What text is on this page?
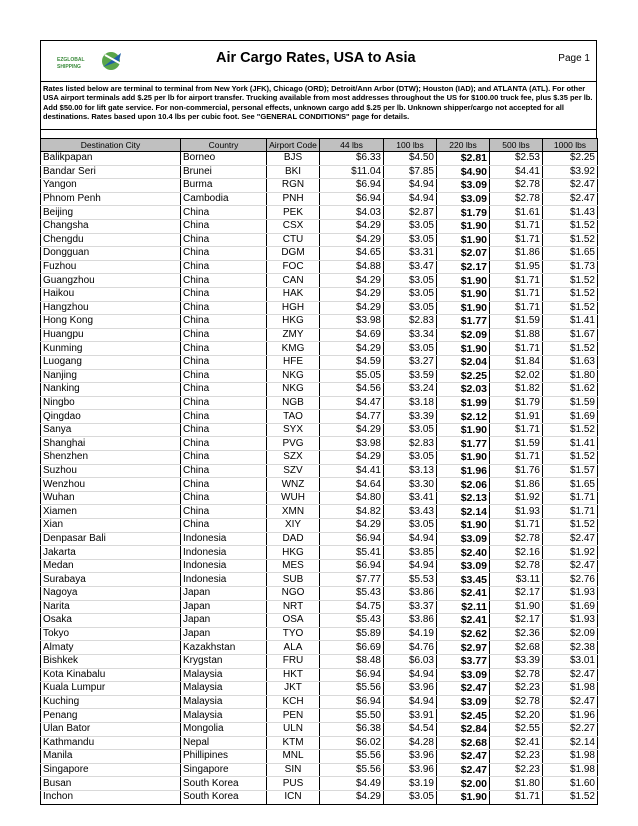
EZGLOBAL
SHIPPING
Air Cargo Rates, USA to Asia	Page 1
Rates listed below are terminal to terminal from New York (JFK), Chicago (ORD); Detroit/Ann Arbor (DTW); Houston (IAD); and ATLANTA (ATL). For other USA airport terminals add $.25 per lb for airport transfer. Trucking available from most addresses throughout the US for $100.00 truck fee, plus $.35 per lb. Add $50.00 for lift gate service. For non-commercial, personal effects, unknown cargo add $.25 per lb. Unknown shipper/cargo not accepted for all destinations. Rates based upon 10.4 lbs per cubic foot. See "GENERAL CONDITIONS" page for details.
Destination City	Country	Airport Code	44 lbs	100 lbs	220 lbs	500 lbs	1000 lbs
Balikpapan	Borneo	BJS	$6.33	$4.50	$2.81	$2.53	$2.25
Bandar Seri	Brunei	BKI	$11.04	$7.85	$4.90	$4.41	$3.92
Yangon	Burma	RGN	$6.94	$4.94	$3.09	$2.78	$2.47
Phnom Penh	Cambodia	PNH	$6.94	$4.94	$3.09	$2.78	$2.47
Beijing	China	PEK	$4.03	$2.87	$1.79	$1.61	$1.43
Changsha	China	CSX	$4.29	$3.05	$1.90	$1.71	$1.52
Chengdu	China	CTU	$4.29	$3.05	$1.90	$1.71	$1.52
Dongguan	China	DGM	$4.65	$3.31	$2.07	$1.86	$1.65
Fuzhou	China	FOC	$4.88	$3.47	$2.17	$1.95	$1.73
Guangzhou	China	CAN	$4.29	$3.05	$1.90	$1.71	$1.52
Haikou	China	HAK	$4.29	$3.05	$1.90	$1.71	$1.52
Hangzhou	China	HGH	$4.29	$3.05	$1.90	$1.71	$1.52
Hong Kong	China	HKG	$3.98	$2.83	$1.77	$1.59	$1.41
Huangpu	China	ZMY	$4.69	$3.34	$2.09	$1.88	$1.67
Kunming	China	KMG	$4.29	$3.05	$1.90	$1.71	$1.52
Luogang	China	HFE	$4.59	$3.27	$2.04	$1.84	$1.63
Nanjing	China	NKG	$5.05	$3.59	$2.25	$2.02	$1.80
Nanking	China	NKG	$4.56	$3.24	$2.03	$1.82	$1.62
Ningbo	China	NGB	$4.47	$3.18	$1.99	$1.79	$1.59
Qingdao	China	TAO	$4.77	$3.39	$2.12	$1.91	$1.69
Sanya	China	SYX	$4.29	$3.05	$1.90	$1.71	$1.52
Shanghai	China	PVG	$3.98	$2.83	$1.77	$1.59	$1.41
Shenzhen	China	SZX	$4.29	$3.05	$1.90	$1.71	$1.52
Suzhou	China	SZV	$4.41	$3.13	$1.96	$1.76	$1.57
Wenzhou	China	WNZ	$4.64	$3.30	$2.06	$1.86	$1.65
Wuhan	China	WUH	$4.80	$3.41	$2.13	$1.92	$1.71
Xiamen	China	XMN	$4.82	$3.43	$2.14	$1.93	$1.71
Xian	China	XIY	$4.29	$3.05	$1.90	$1.71	$1.52
Denpasar Bali	Indonesia	DAD	$6.94	$4.94	$3.09	$2.78	$2.47
Jakarta	Indonesia	HKG	$5.41	$3.85	$2.40	$2.16	$1.92
Medan	Indonesia	MES	$6.94	$4.94	$3.09	$2.78	$2.47
Surabaya	Indonesia	SUB	$7.77	$5.53	$3.45	$3.11	$2.76
Nagoya	Japan	NGO	$5.43	$3.86	$2.41	$2.17	$1.93
Narita	Japan	NRT	$4.75	$3.37	$2.11	$1.90	$1.69
Osaka	Japan	OSA	$5.43	$3.86	$2.41	$2.17	$1.93
Tokyo	Japan	TYO	$5.89	$4.19	$2.62	$2.36	$2.09
Almaty	Kazakhstan	ALA	$6.69	$4.76	$2.97	$2.68	$2.38
Bishkek	Krygstan	FRU	$8.48	$6.03	$3.77	$3.39	$3.01
Kota Kinabalu	Malaysia	HKT	$6.94	$4.94	$3.09	$2.78	$2.47
Kuala Lumpur	Malaysia	JKT	$5.56	$3.96	$2.47	$2.23	$1.98
Kuching	Malaysia	KCH	$6.94	$4.94	$3.09	$2.78	$2.47
Penang	Malaysia	PEN	$5.50	$3.91	$2.45	$2.20	$1.96
Ulan Bator	Mongolia	ULN	$6.38	$4.54	$2.84	$2.55	$2.27
Kathmandu	Nepal	KTM	$6.02	$4.28	$2.68	$2.41	$2.14
Manila	Phillipines	MNL	$5.56	$3.96	$2.47	$2.23	$1.98
Singapore	Singapore	SIN	$5.56	$3.96	$2.47	$2.23	$1.98
Busan	South Korea	PUS	$4.49	$3.19	$2.00	$1.80	$1.60
Inchon	South Korea	ICN	$4.29	$3.05	$1.90	$1.71	$1.52
